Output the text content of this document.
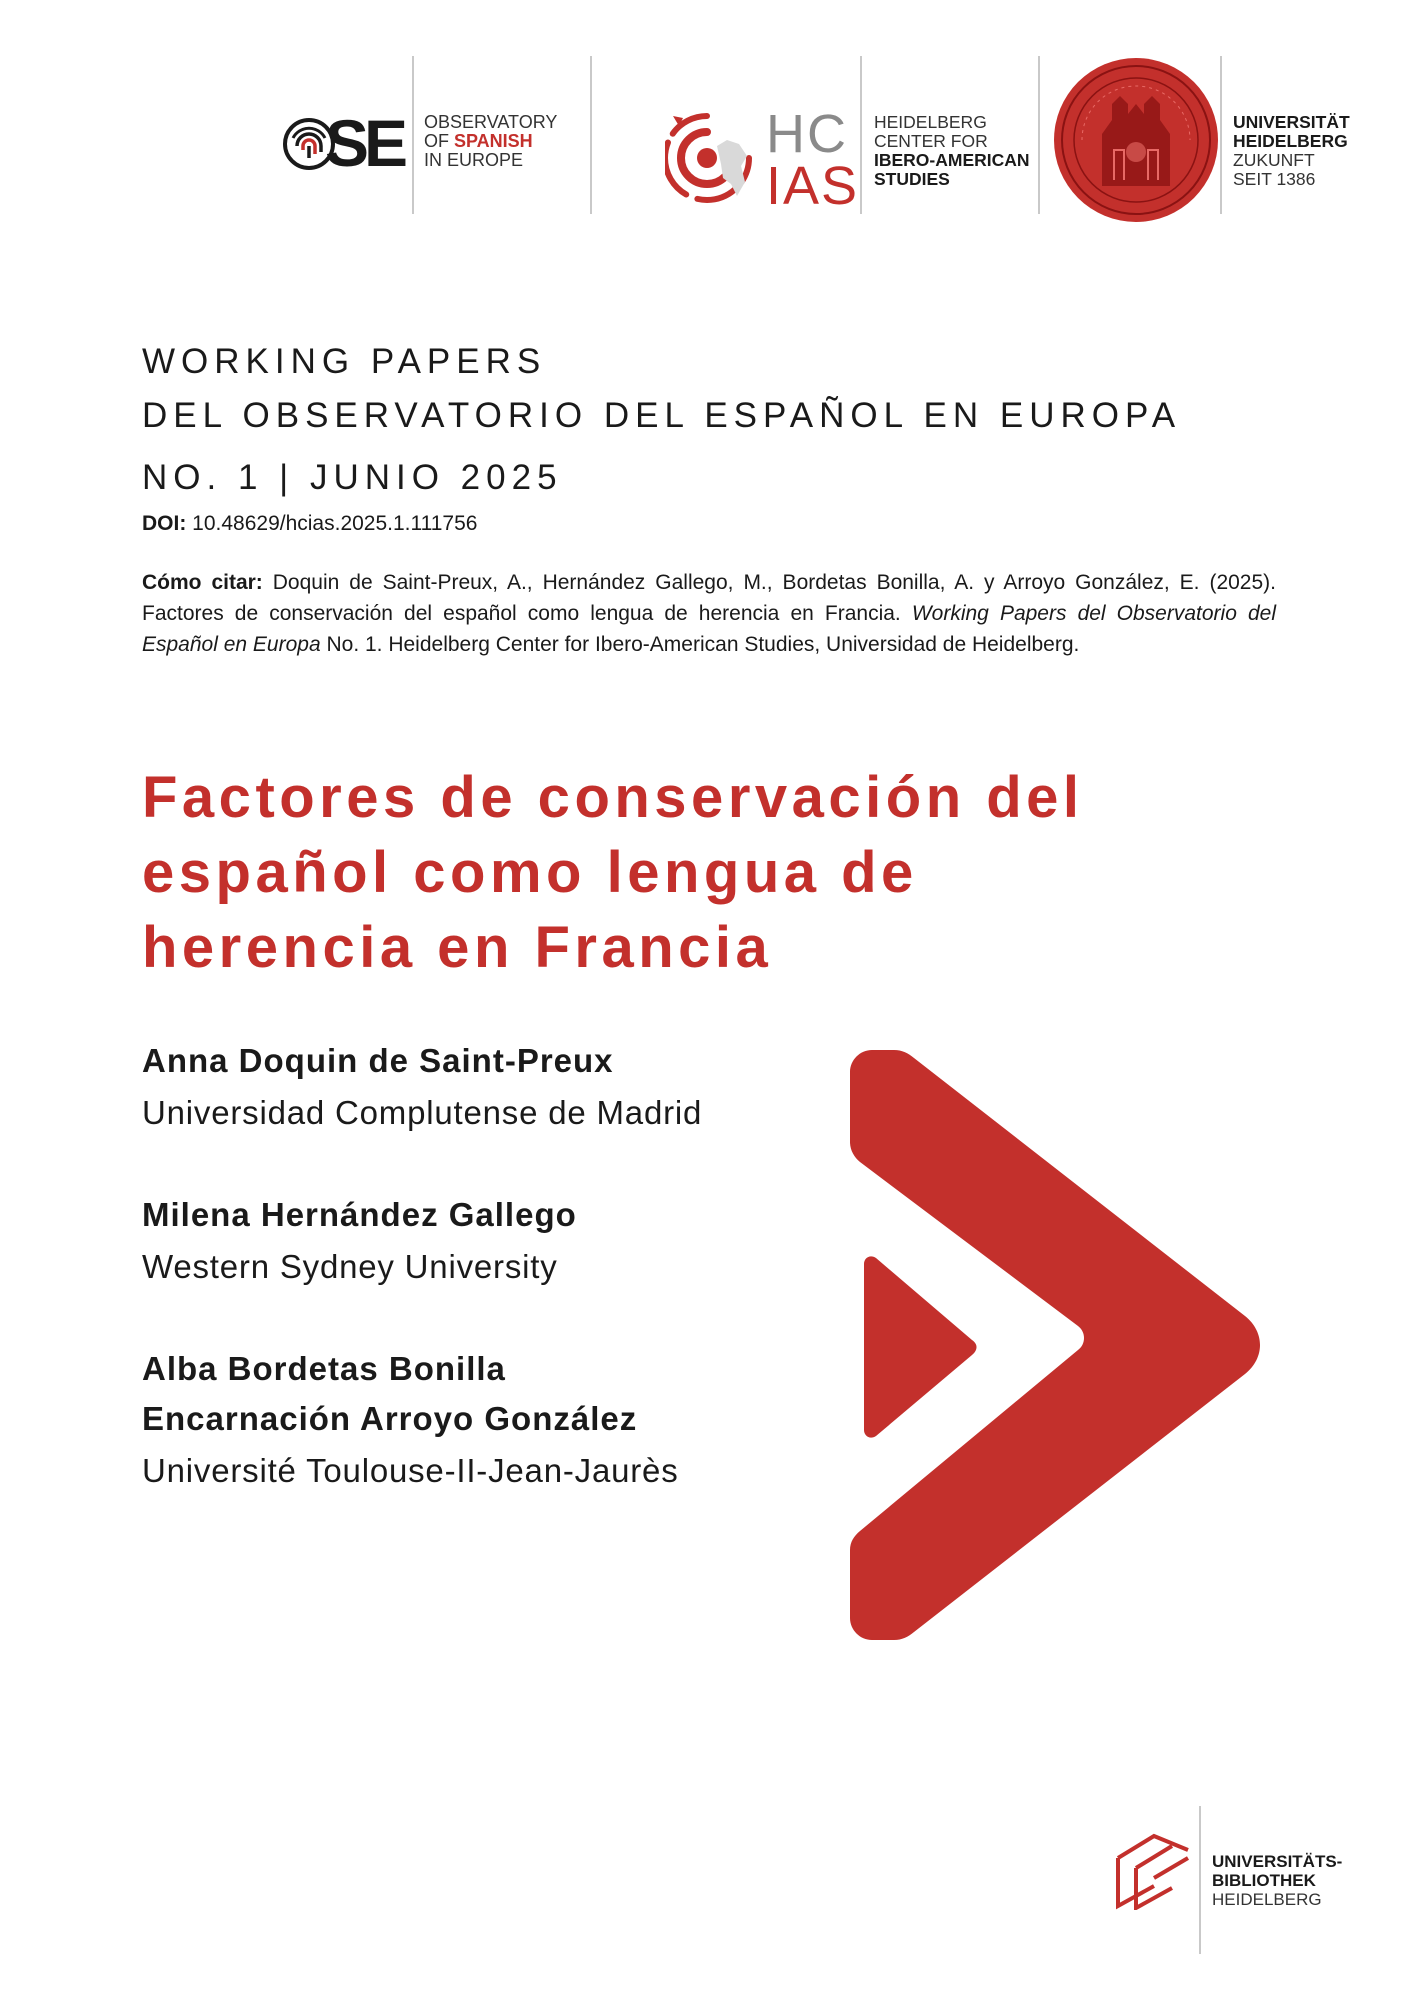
SE OBSERVATORY
OF SPANISH
IN EUROPE	HC
IAS
HEIDELBERG
CENTER FOR
IBERO-AMERICAN
STUDIES
UNIVERSITÄT
HEIDELBERG
ZUKUNFT
SEIT 1386
WORKING PAPERS
DEL OBSERVATORIO DEL ESPAÑOL EN EUROPA
NO. 1 | JUNIO 2025
DOI: 10.48629/hcias.2025.1.111756
Cómo citar: Doquin de Saint-Preux, A., Hernández Gallego, M., Bordetas Bonilla, A. y Arroyo González, E. (2025). Factores de conservación del español como lengua de herencia en Francia. Working Papers del Observatorio del Español en Europa No. 1. Heidelberg Center for Ibero-American Studies, Universidad de Heidelberg.
Factores de conservación del
español como lengua de
herencia en Francia
Anna Doquin de Saint-Preux
Universidad Complutense de Madrid
Milena Hernández Gallego
Western Sydney University
Alba Bordetas Bonilla
Encarnación Arroyo González
Université Toulouse-II-Jean-Jaurès
UNIVERSITÄTS-
BIBLIOTHEK
HEIDELBERG
